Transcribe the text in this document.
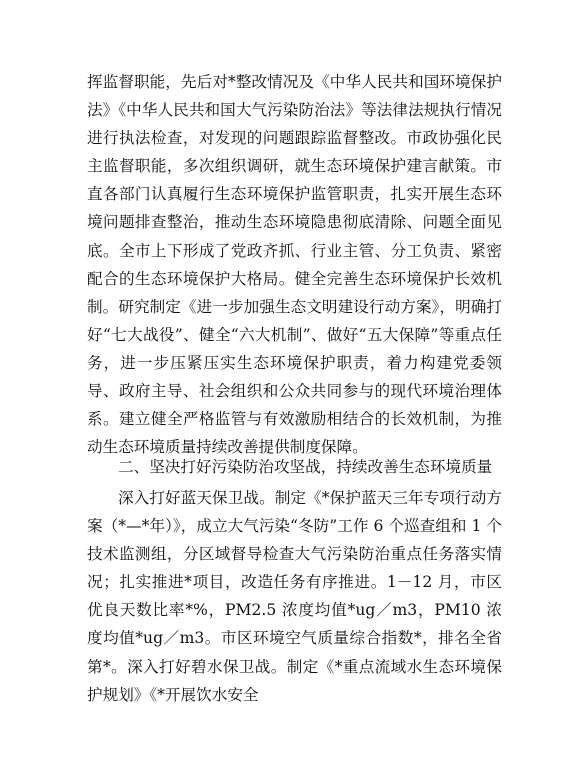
挥监督职能，先后对*整改情况及《中华人民共和国环境保护法》《中华人民共和国大气污染防治法》等法律法规执行情况进行执法检查，对发现的问题跟踪监督整改。市政协强化民主监督职能，多次组织调研，就生态环境保护建言献策。市直各部门认真履行生态环境保护监管职责，扎实开展生态环境问题排查整治，推动生态环境隐患彻底清除、问题全面见底。全市上下形成了党政齐抓、行业主管、分工负责、紧密配合的生态环境保护大格局。健全完善生态环境保护长效机制。研究制定《进一步加强生态文明建设行动方案》，明确打好“七大战役”、健全“六大机制”、做好“五大保障”等重点任务，进一步压紧压实生态环境保护职责，着力构建党委领导、政府主导、社会组织和公众共同参与的现代环境治理体系。建立健全严格监管与有效激励相结合的长效机制，为推动生态环境质量持续改善提供制度保障。

二、坚决打好污染防治攻坚战，持续改善生态环境质量

深入打好蓝天保卫战。制定《*保护蓝天三年专项行动方案（*—*年）》，成立大气污染“冬防”工作 6 个巡查组和 1 个技术监测组，分区域督导检查大气污染防治重点任务落实情况；扎实推进*项目，改造任务有序推进。1－12 月，市区优良天数比率*%，PM2.5 浓度均值*ug／m3，PM10 浓度均值*ug／m3。市区环境空气质量综合指数*，排名全省第*。深入打好碧水保卫战。制定《*重点流域水生态环境保护规划》《*开展饮水安全
